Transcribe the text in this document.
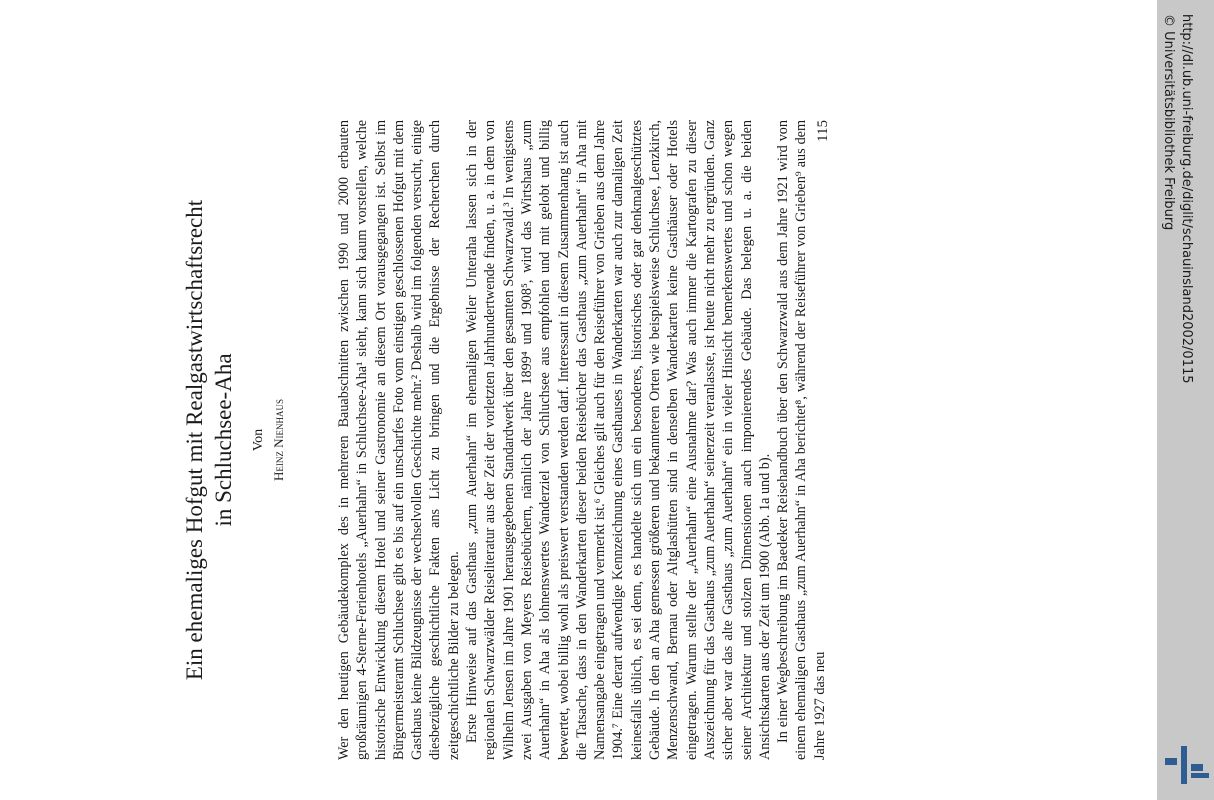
Ein ehemaliges Hofgut mit Realgastwirtschaftsrecht in Schluchsee-Aha Von Heinz Nienhaus	Wer den heutigen Gebäudekomplex des in mehreren Bauabschnitten zwischen 1990 und 2000 erbauten großräumigen 4-Sterne-Ferienhotels „Auerhahn“ in Schluchsee-Aha¹ sieht, kann sich kaum vorstellen, welche historische Entwicklung diesem Hotel und seiner Gastronomie an diesem Ort vorausgegangen ist. Selbst im Bürgermeisteramt Schluchsee gibt es bis auf ein unscharfes Foto vom einstigen geschlossenen Hofgut mit dem Gasthaus keine Bildzeugnisse der wechselvollen Geschichte mehr.² Deshalb wird im folgenden versucht, einige diesbezügliche geschichtliche Fakten ans Licht zu bringen und die Ergebnisse der Recherchen durch zeitgeschichtliche Bilder zu belegen. Erste Hinweise auf das Gasthaus „zum Auerhahn“ im ehemaligen Weiler Unteraha lassen sich in der regionalen Schwarzwälder Reiseliteratur aus der Zeit der vorletzten Jahrhundertwende finden, u. a. in dem von Wilhelm Jensen im Jahre 1901 herausgegebenen Standardwerk über den gesamten Schwarzwald.³ In wenigstens zwei Ausgaben von Meyers Reisebüchern, nämlich der Jahre 1899⁴ und 1908⁵, wird das Wirtshaus „zum Auerhahn“ in Aha als lohnenswertes Wanderziel von Schluchsee aus empfohlen und mit gelobt und billig bewertet, wobei billig wohl als preiswert verstanden werden darf. Interessant in diesem Zusammenhang ist auch die Tatsache, dass in den Wanderkarten dieser beiden Reisebücher das Gasthaus „zum Auerhahn“ in Aha mit Namensangabe eingetragen und vermerkt ist.⁶ Gleiches gilt auch für den Reiseführer von Grieben aus dem Jahre 1904.⁷ Eine derart aufwendige Kennzeichnung eines Gasthauses in Wanderkarten war auch zur damaligen Zeit keinesfalls üblich, es sei denn, es handelte sich um ein besonderes, historisches oder gar denkmalgeschütztes Gebäude. In den an Aha gemessen größeren und bekannteren Orten wie beispielsweise Schluchsee, Lenzkirch, Menzenschwand, Bernau oder Altglashütten sind in denselben Wanderkarten keine Gasthäuser oder Hotels eingetragen. Warum stellte der „Auerhahn“ eine Ausnahme dar? Was auch immer die Kartografen zu dieser Auszeichnung für das Gasthaus „zum Auerhahn“ seinerzeit veranlasste, ist heute nicht mehr zu ergründen. Ganz sicher aber war das alte Gasthaus „zum Auerhahn“ ein in vieler Hinsicht bemerkenswertes und schon wegen seiner Architektur und stolzen Dimensionen auch imponierendes Gebäude. Das belegen u. a. die beiden Ansichtskarten aus der Zeit um 1900 (Abb. 1a und b). In einer Wegbeschreibung im Baedeker Reisehandbuch über den Schwarzwald aus dem Jahre 1921 wird von einem ehemaligen Gasthaus „zum Auerhahn“ in Aha berichtet⁸, während der Reiseführer von Grieben⁹ aus dem Jahre 1927 das neu

115	http://dl.ub.uni-freiburg.de/diglit/schauinsland2002/0115
© Universitätsbibliothek Freiburg
